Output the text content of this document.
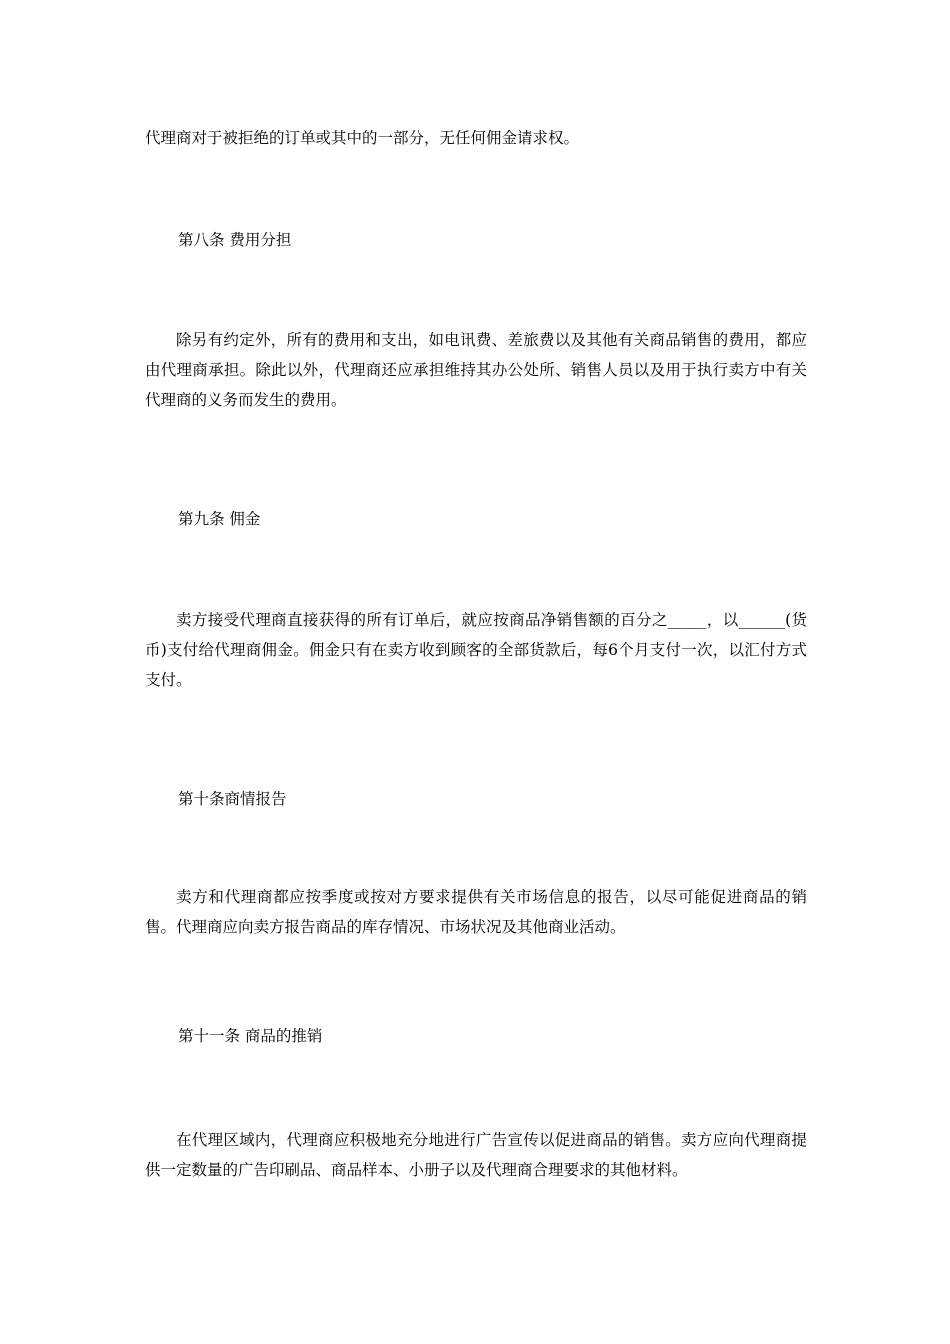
代理商对于被拒绝的订单或其中的一部分，无任何佣金请求权。

第八条 费用分担

除另有约定外，所有的费用和支出，如电讯费、差旅费以及其他有关商品销售的费用，都应由代理商承担。除此以外，代理商还应承担维持其办公处所、销售人员以及用于执行卖方中有关代理商的义务而发生的费用。

第九条 佣金

卖方接受代理商直接获得的所有订单后，就应按商品净销售额的百分之_____，以______(货币)支付给代理商佣金。佣金只有在卖方收到顾客的全部货款后，每6个月支付一次，以汇付方式支付。

第十条商情报告

卖方和代理商都应按季度或按对方要求提供有关市场信息的报告，以尽可能促进商品的销售。代理商应向卖方报告商品的库存情况、市场状况及其他商业活动。

第十一条 商品的推销

在代理区域内，代理商应积极地充分地进行广告宣传以促进商品的销售。卖方应向代理商提供一定数量的广告印刷品、商品样本、小册子以及代理商合理要求的其他材料。
